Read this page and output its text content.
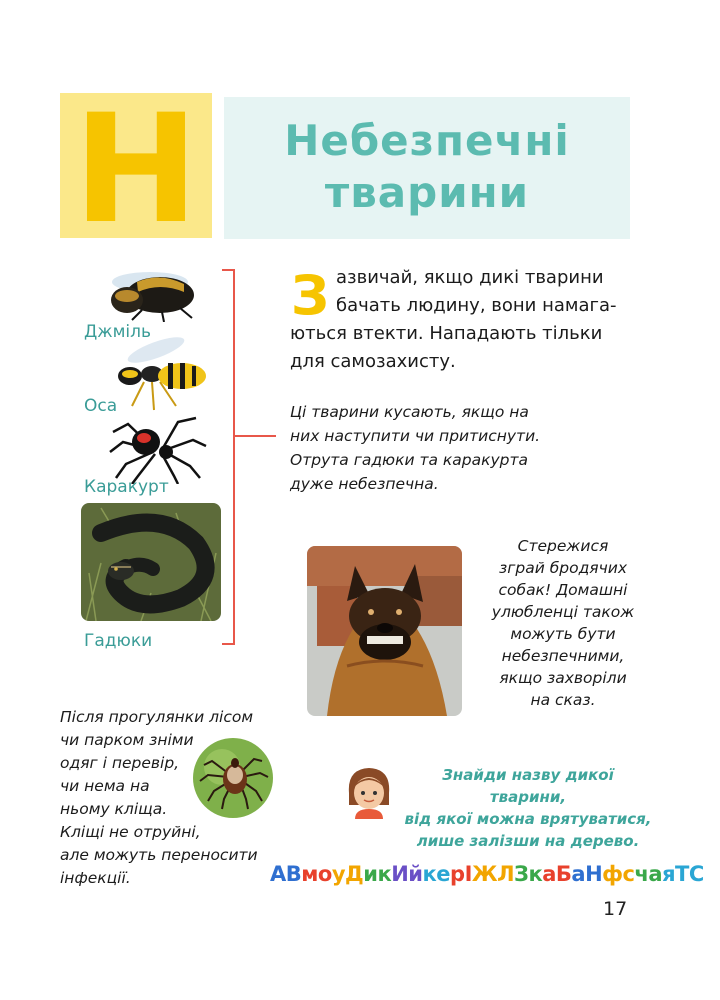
Н	Небезпечні
тварини
Джміль
Оса
Каракурт
Гадюки
З азвичай, якщо дикі тварини бачать людину, вони намага-ються втекти. Нападають тільки для самозахисту.
Ці тварини кусають, якщо на
них наступити чи притиснути.
Отрута гадюки та каракурта
дуже небезпечна.
Стережися
зграй бродячих
собак! Домашні
улюбленці також
можуть бути
небезпечними,
якщо захворіли
на сказ.
Після прогулянки лісом
чи парком зніми
одяг і перевір,
чи нема на
ньому кліща.
Кліщі не отруйні,
але можуть переносити
інфекції.
Знайди назву дикої тварини,
від якої можна врятуватися,
лише залізши на дерево.
АВмоуДикИйкерІЖЛЗкаБаНфсчаяТС
17
